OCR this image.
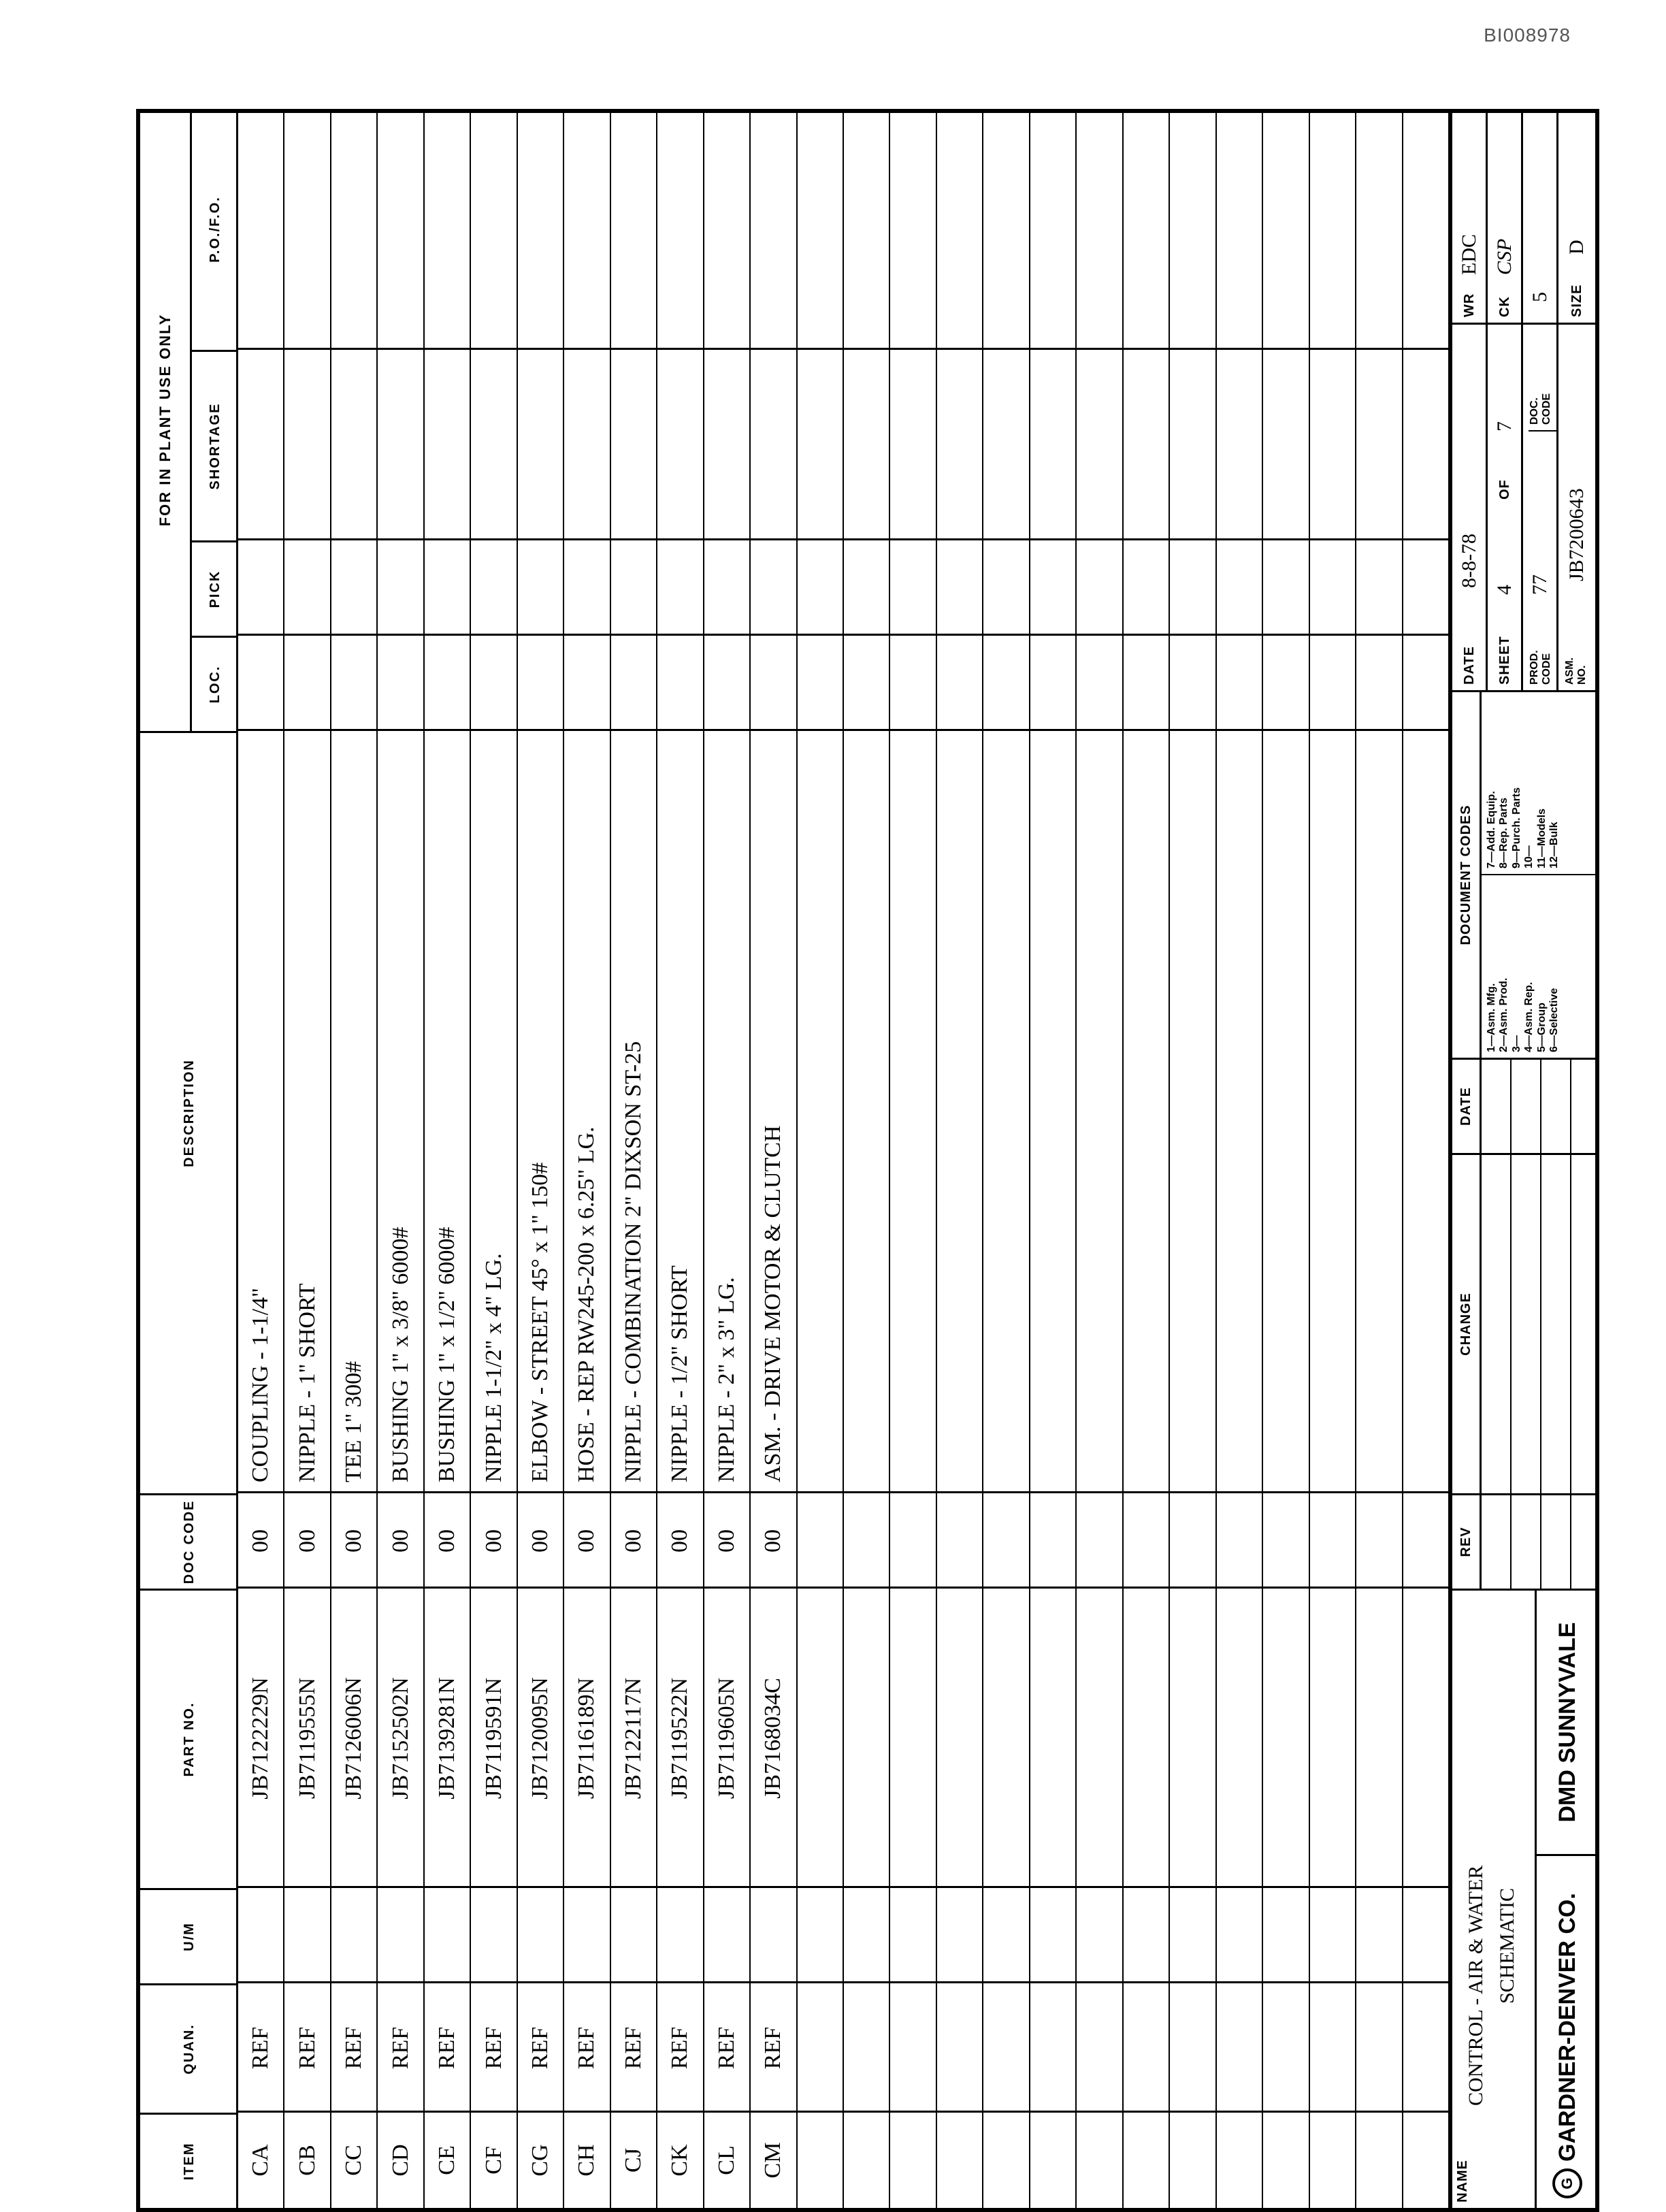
BI008978
ITEM
QUAN.
U/M
PART NO.
DOC CODE
DESCRIPTION
FOR IN PLANT USE ONLY
LOC.
PICK
SHORTAGE
P.O./F.O.
CA
REF
JB7122229N
00
COUPLING - 1-1/4"
CB
REF
JB7119555N
00
NIPPLE - 1" SHORT
CC
REF
JB7126006N
00
TEE 1" 300#
CD
REF
JB7152502N
00
BUSHING 1" x 3/8" 6000#
CE
REF
JB7139281N
00
BUSHING 1" x 1/2" 6000#
CF
REF
JB7119591N
00
NIPPLE 1-1/2" x 4" LG.
CG
REF
JB7120095N
00
ELBOW - STREET 45° x 1" 150#
CH
REF
JB7116189N
00
HOSE - REP RW245-200 x 6.25" LG.
CJ
REF
JB7122117N
00
NIPPLE - COMBINATION 2" DIXSON ST-25
CK
REF
JB7119522N
00
NIPPLE - 1/2" SHORT
CL
REF
JB7119605N
00
NIPPLE - 2" x 3" LG.
CM
REF
JB7168034C
00
ASM. - DRIVE MOTOR & CLUTCH
NAME
CONTROL - AIR & WATER SCHEMATIC
G
GARDNER-DENVER CO.
DMD SUNNYVALE
REV
CHANGE
DATE
DOCUMENT CODES
1—Asm. Mfg. 2—Asm. Prod. 3— 4—Asm. Rep. 5—Group 6—Selective
7—Add. Equip. 8—Rep. Parts 9—Purch. Parts 10— 11—Models 12—Bulk
DATE
8-8-78
SHEET
4
OF
7
PROD. CODE
77
DOC. CODE
ASM. NO.
JB7200643
WR
EDC
CK
CSP
5 SIZE
D
